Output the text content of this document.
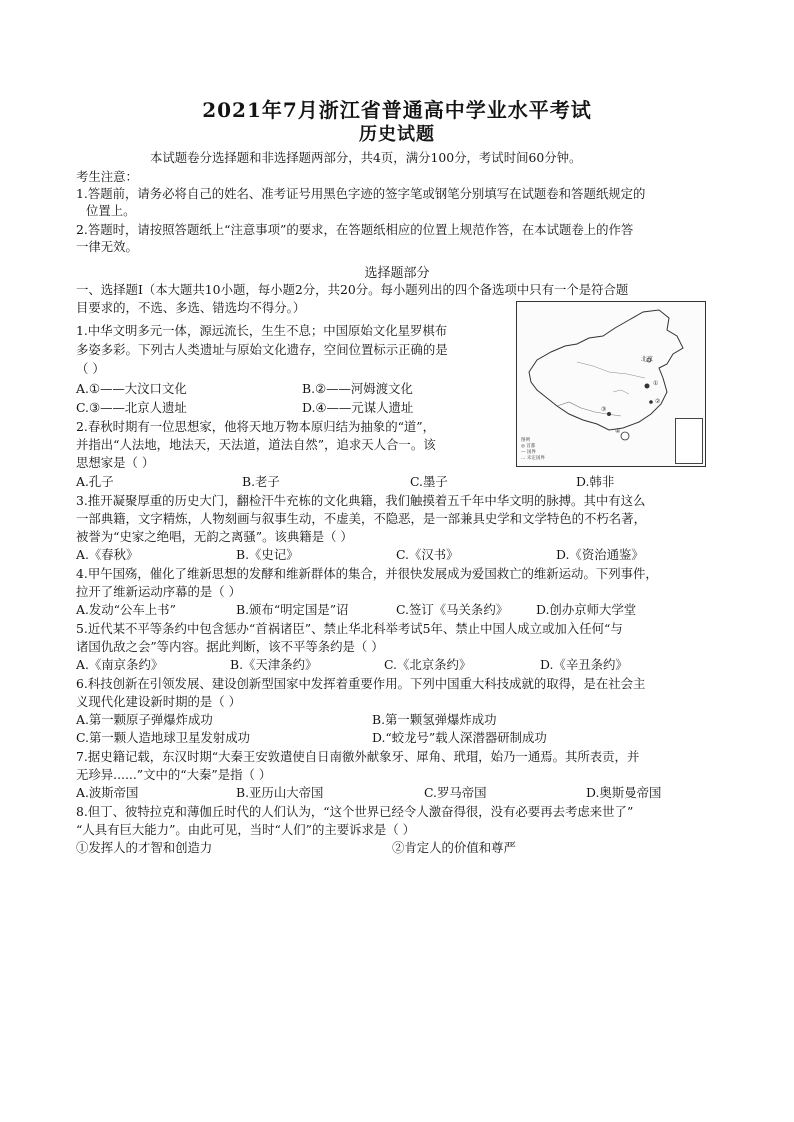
2021年7月浙江省普通高中学业水平考试
历史试题
本试题卷分选择题和非选择题两部分，共4页，满分100分，考试时间60分钟。
考生注意：
1.答题前，请务必将自己的姓名、准考证号用黑色字迹的签字笔或钢笔分别填写在试题卷和答题纸规定的
位置上。
2.答题时，请按照答题纸上“注意事项”的要求，在答题纸相应的位置上规范作答，在本试题卷上的作答
一律无效。
选择题部分
一、选择题Ⅰ（本大题共10小题，每小题2分，共20分。每小题列出的四个备选项中只有一个是符合题
目要求的，不选、多选、错选均不得分。）
北京
①
②
③
④
图例
◎ 首都
— 国界
… 未定国界
1.中华文明多元一体，源远流长，生生不息；中国原始文化星罗棋布
多姿多彩。下列古人类遗址与原始文化遗存，空间位置标示正确的是
（ ）
A.①——大汶口文化	B.②——河姆渡文化
C.③——北京人遗址	D.④——元谋人遗址
2.春秋时期有一位思想家，他将天地万物本原归结为抽象的“道”，
并指出“人法地，地法天，天法道，道法自然”，追求天人合一。该
思想家是（ ）
A.孔子	B.老子	C.墨子	D.韩非
3.推开凝聚厚重的历史大门，翻检汗牛充栋的文化典籍，我们触摸着五千年中华文明的脉搏。其中有这么
一部典籍，文字精炼，人物刻画与叙事生动，不虚美，不隐恶，是一部兼具史学和文学特色的不朽名著，
被誉为“史家之绝唱，无韵之离骚”。该典籍是（ ）
A.《春秋》	B.《史记》	C.《汉书》	D.《资治通鉴》
4.甲午国殇，催化了维新思想的发酵和维新群体的集合，并很快发展成为爱国救亡的维新运动。下列事件，
拉开了维新运动序幕的是（ ）
A.发动“公车上书”	B.颁布“明定国是”诏	C.签订《马关条约》 D.创办京师大学堂
5.近代某不平等条约中包含惩办“首祸诸臣”、禁止华北科举考试5年、禁止中国人成立或加入任何“与
诸国仇敌之会”等内容。据此判断，该不平等条约是（ ）
A.《南京条约》	B.《天津条约》	C.《北京条约》	D.《辛丑条约》
6.科技创新在引领发展、建设创新型国家中发挥着重要作用。下列中国重大科技成就的取得，是在社会主
义现代化建设新时期的是（ ）
A.第一颗原子弹爆炸成功	B.第一颗氢弹爆炸成功
C.第一颗人造地球卫星发射成功	D.“蛟龙号”载人深潜器研制成功
7.据史籍记载，东汉时期“大秦王安敦遣使自日南徼外献象牙、犀角、玳瑁，始乃一通焉。其所表贡，并
无珍异......”文中的“大秦”是指（ ）
A.波斯帝国	B.亚历山大帝国	C.罗马帝国	D.奥斯曼帝国
8.但丁、彼特拉克和薄伽丘时代的人们认为，“这个世界已经令人激奋得很，没有必要再去考虑来世了”
“人具有巨大能力”。由此可见，当时“人们”的主要诉求是（ ）
①发挥人的才智和创造力	②肯定人的价值和尊严
